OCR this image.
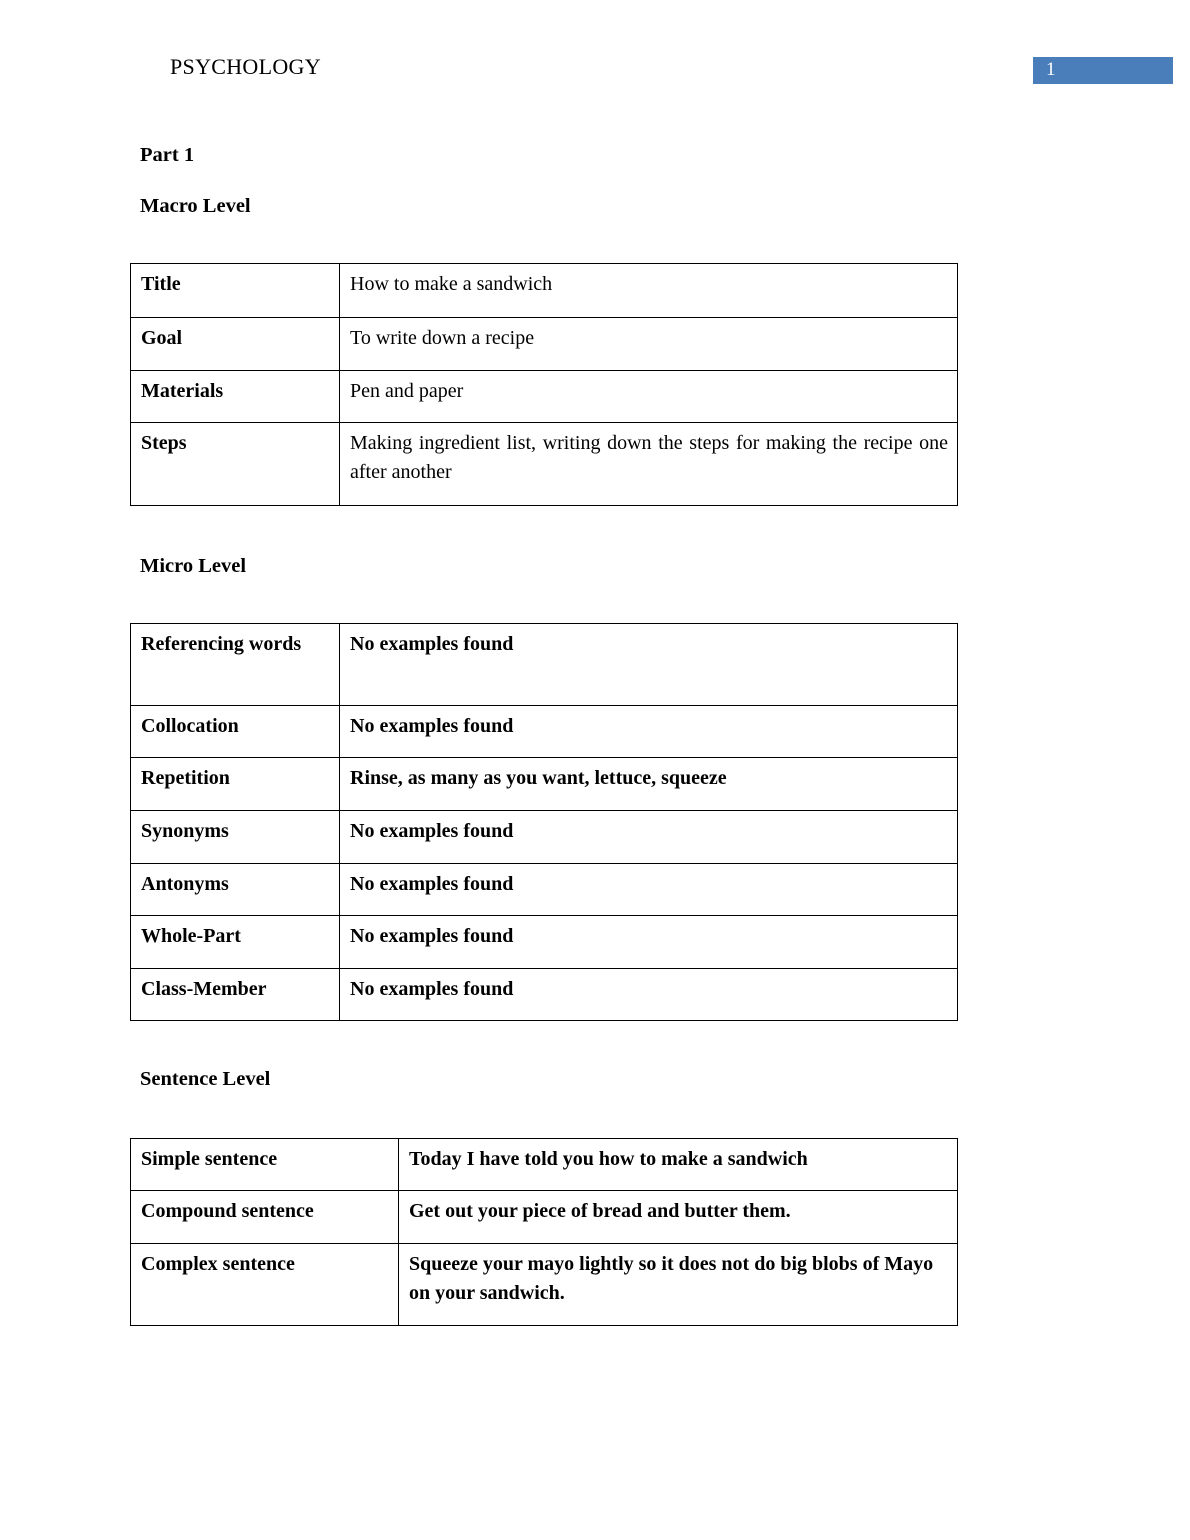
PSYCHOLOGY	1
Part 1
Macro Level
Title	How to make a sandwich
Goal	To write down a recipe
Materials	Pen and paper
Steps	Making ingredient list, writing down the steps for making the recipe one after another
Micro Level
Referencing words	No examples found
Collocation	No examples found
Repetition	Rinse, as many as you want, lettuce, squeeze
Synonyms	No examples found
Antonyms	No examples found
Whole-Part	No examples found
Class-Member	No examples found
Sentence Level
Simple sentence	Today I have told you how to make a sandwich
Compound sentence	Get out your piece of bread and butter them.
Complex sentence	Squeeze your mayo lightly so it does not do big blobs of Mayo on your sandwich.
